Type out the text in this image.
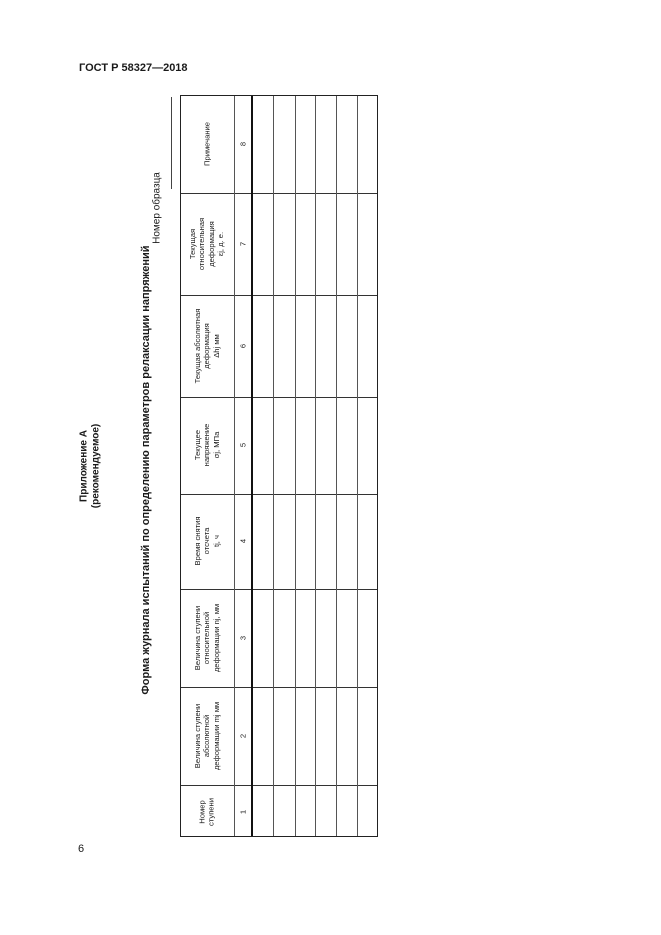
ГОСТ Р 58327—2018
Приложение А (рекомендуемое)	Форма журнала испытаний по определению параметров релаксации напряжений
Номер образца
Номер
ступени
Величина ступени
абсолютной
деформации mj мм
Величина ступени
относительной
деформации nj, мм
Время снятия
отсчета
tj, ч
Текущее
напряжение
σj, МПа
Текущая абсолютная
деформация
Δhj мм
Текущая
относительная
деформация
εj, д. е.
Примечание
1
2
3
4
5
6
7
8
6
